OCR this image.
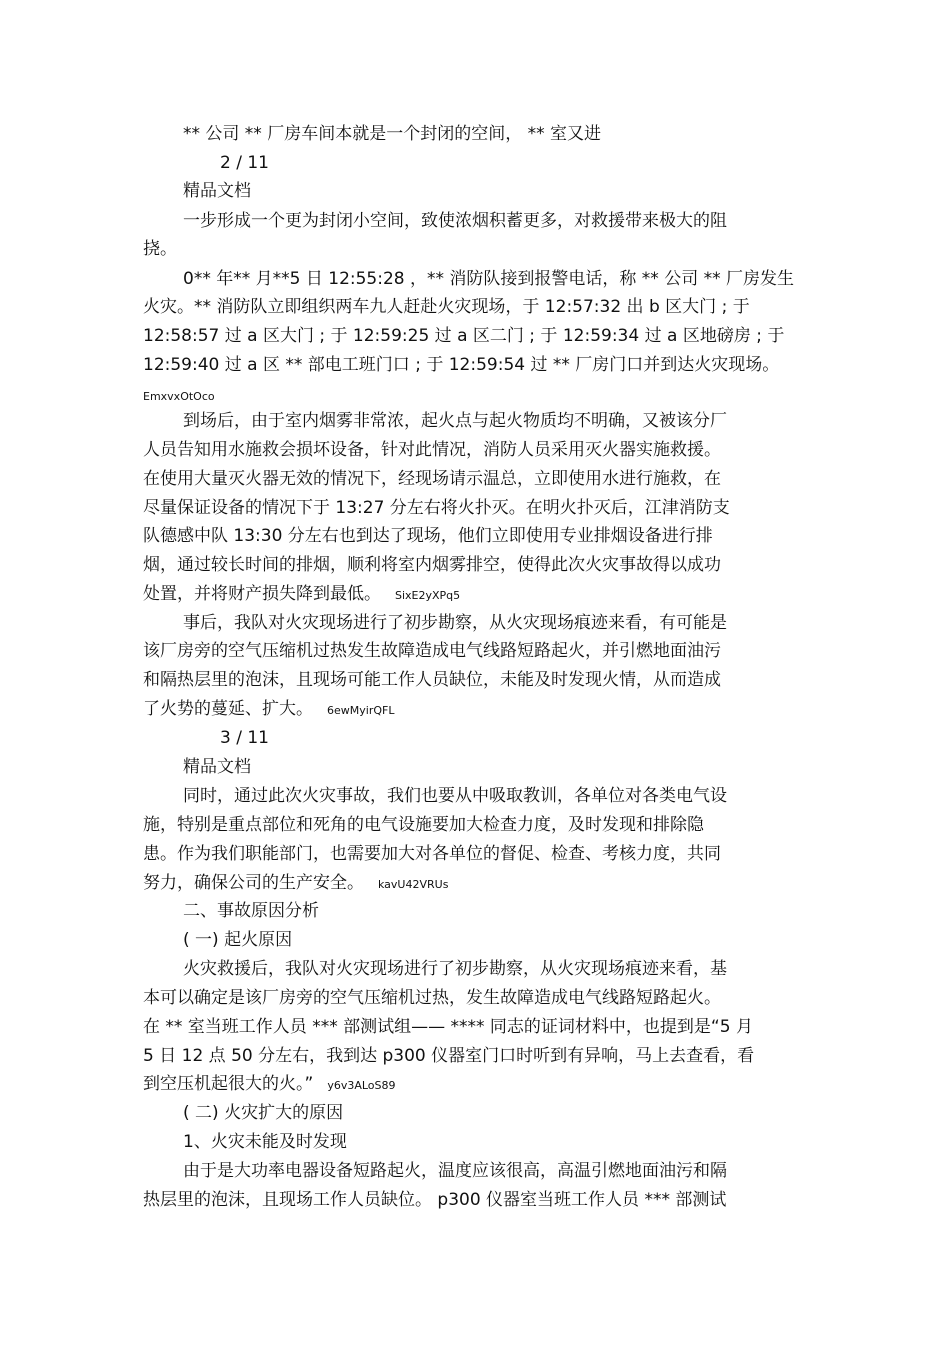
** 公司 ** 厂房车间本就是一个封闭的空间， ** 室又进

2 / 11

精品文档

一步形成一个更为封闭小空间，致使浓烟积蓄更多，对救援带来极大的阻

挠。

0** 年** 月**5 日 12:55:28 ，** 消防队接到报警电话，称 ** 公司 ** 厂房发生

火灾。** 消防队立即组织两车九人赶赴火灾现场，于 12:57:32 出 b 区大门 ; 于

12:58:57 过 a 区大门 ; 于 12:59:25 过 a 区二门 ; 于 12:59:34 过 a 区地磅房 ; 于

12:59:40 过 a 区 ** 部电工班门口 ; 于 12:59:54 过 ** 厂房门口并到达火灾现场。

EmxvxOtOco

到场后，由于室内烟雾非常浓，起火点与起火物质均不明确，又被该分厂

人员告知用水施救会损坏设备，针对此情况，消防人员采用灭火器实施救援。

在使用大量灭火器无效的情况下，经现场请示温总，立即使用水进行施救，在

尽量保证设备的情况下于 13:27 分左右将火扑灭。在明火扑灭后，江津消防支

队德感中队 13:30 分左右也到达了现场，他们立即使用专业排烟设备进行排

烟，通过较长时间的排烟，顺利将室内烟雾排空，使得此次火灾事故得以成功

处置，并将财产损失降到最低。 SixE2yXPq5

事后，我队对火灾现场进行了初步勘察，从火灾现场痕迹来看，有可能是

该厂房旁的空气压缩机过热发生故障造成电气线路短路起火，并引燃地面油污

和隔热层里的泡沫，且现场可能工作人员缺位，未能及时发现火情，从而造成

了火势的蔓延、扩大。 6ewMyirQFL

3 / 11

精品文档

同时，通过此次火灾事故，我们也要从中吸取教训，各单位对各类电气设

施，特别是重点部位和死角的电气设施要加大检查力度，及时发现和排除隐

患。作为我们职能部门，也需要加大对各单位的督促、检查、考核力度，共同

努力，确保公司的生产安全。 kavU42VRUs

二、事故原因分析

( 一) 起火原因

火灾救援后，我队对火灾现场进行了初步勘察，从火灾现场痕迹来看，基

本可以确定是该厂房旁的空气压缩机过热，发生故障造成电气线路短路起火。

在 ** 室当班工作人员 *** 部测试组—— **** 同志的证词材料中，也提到是“5 月

5 日 12 点 50 分左右，我到达 p300 仪器室门口时听到有异响，马上去查看，看

到空压机起很大的火。” y6v3ALoS89

( 二) 火灾扩大的原因

1、火灾未能及时发现

由于是大功率电器设备短路起火，温度应该很高，高温引燃地面油污和隔

热层里的泡沫，且现场工作人员缺位。 p300 仪器室当班工作人员 *** 部测试
